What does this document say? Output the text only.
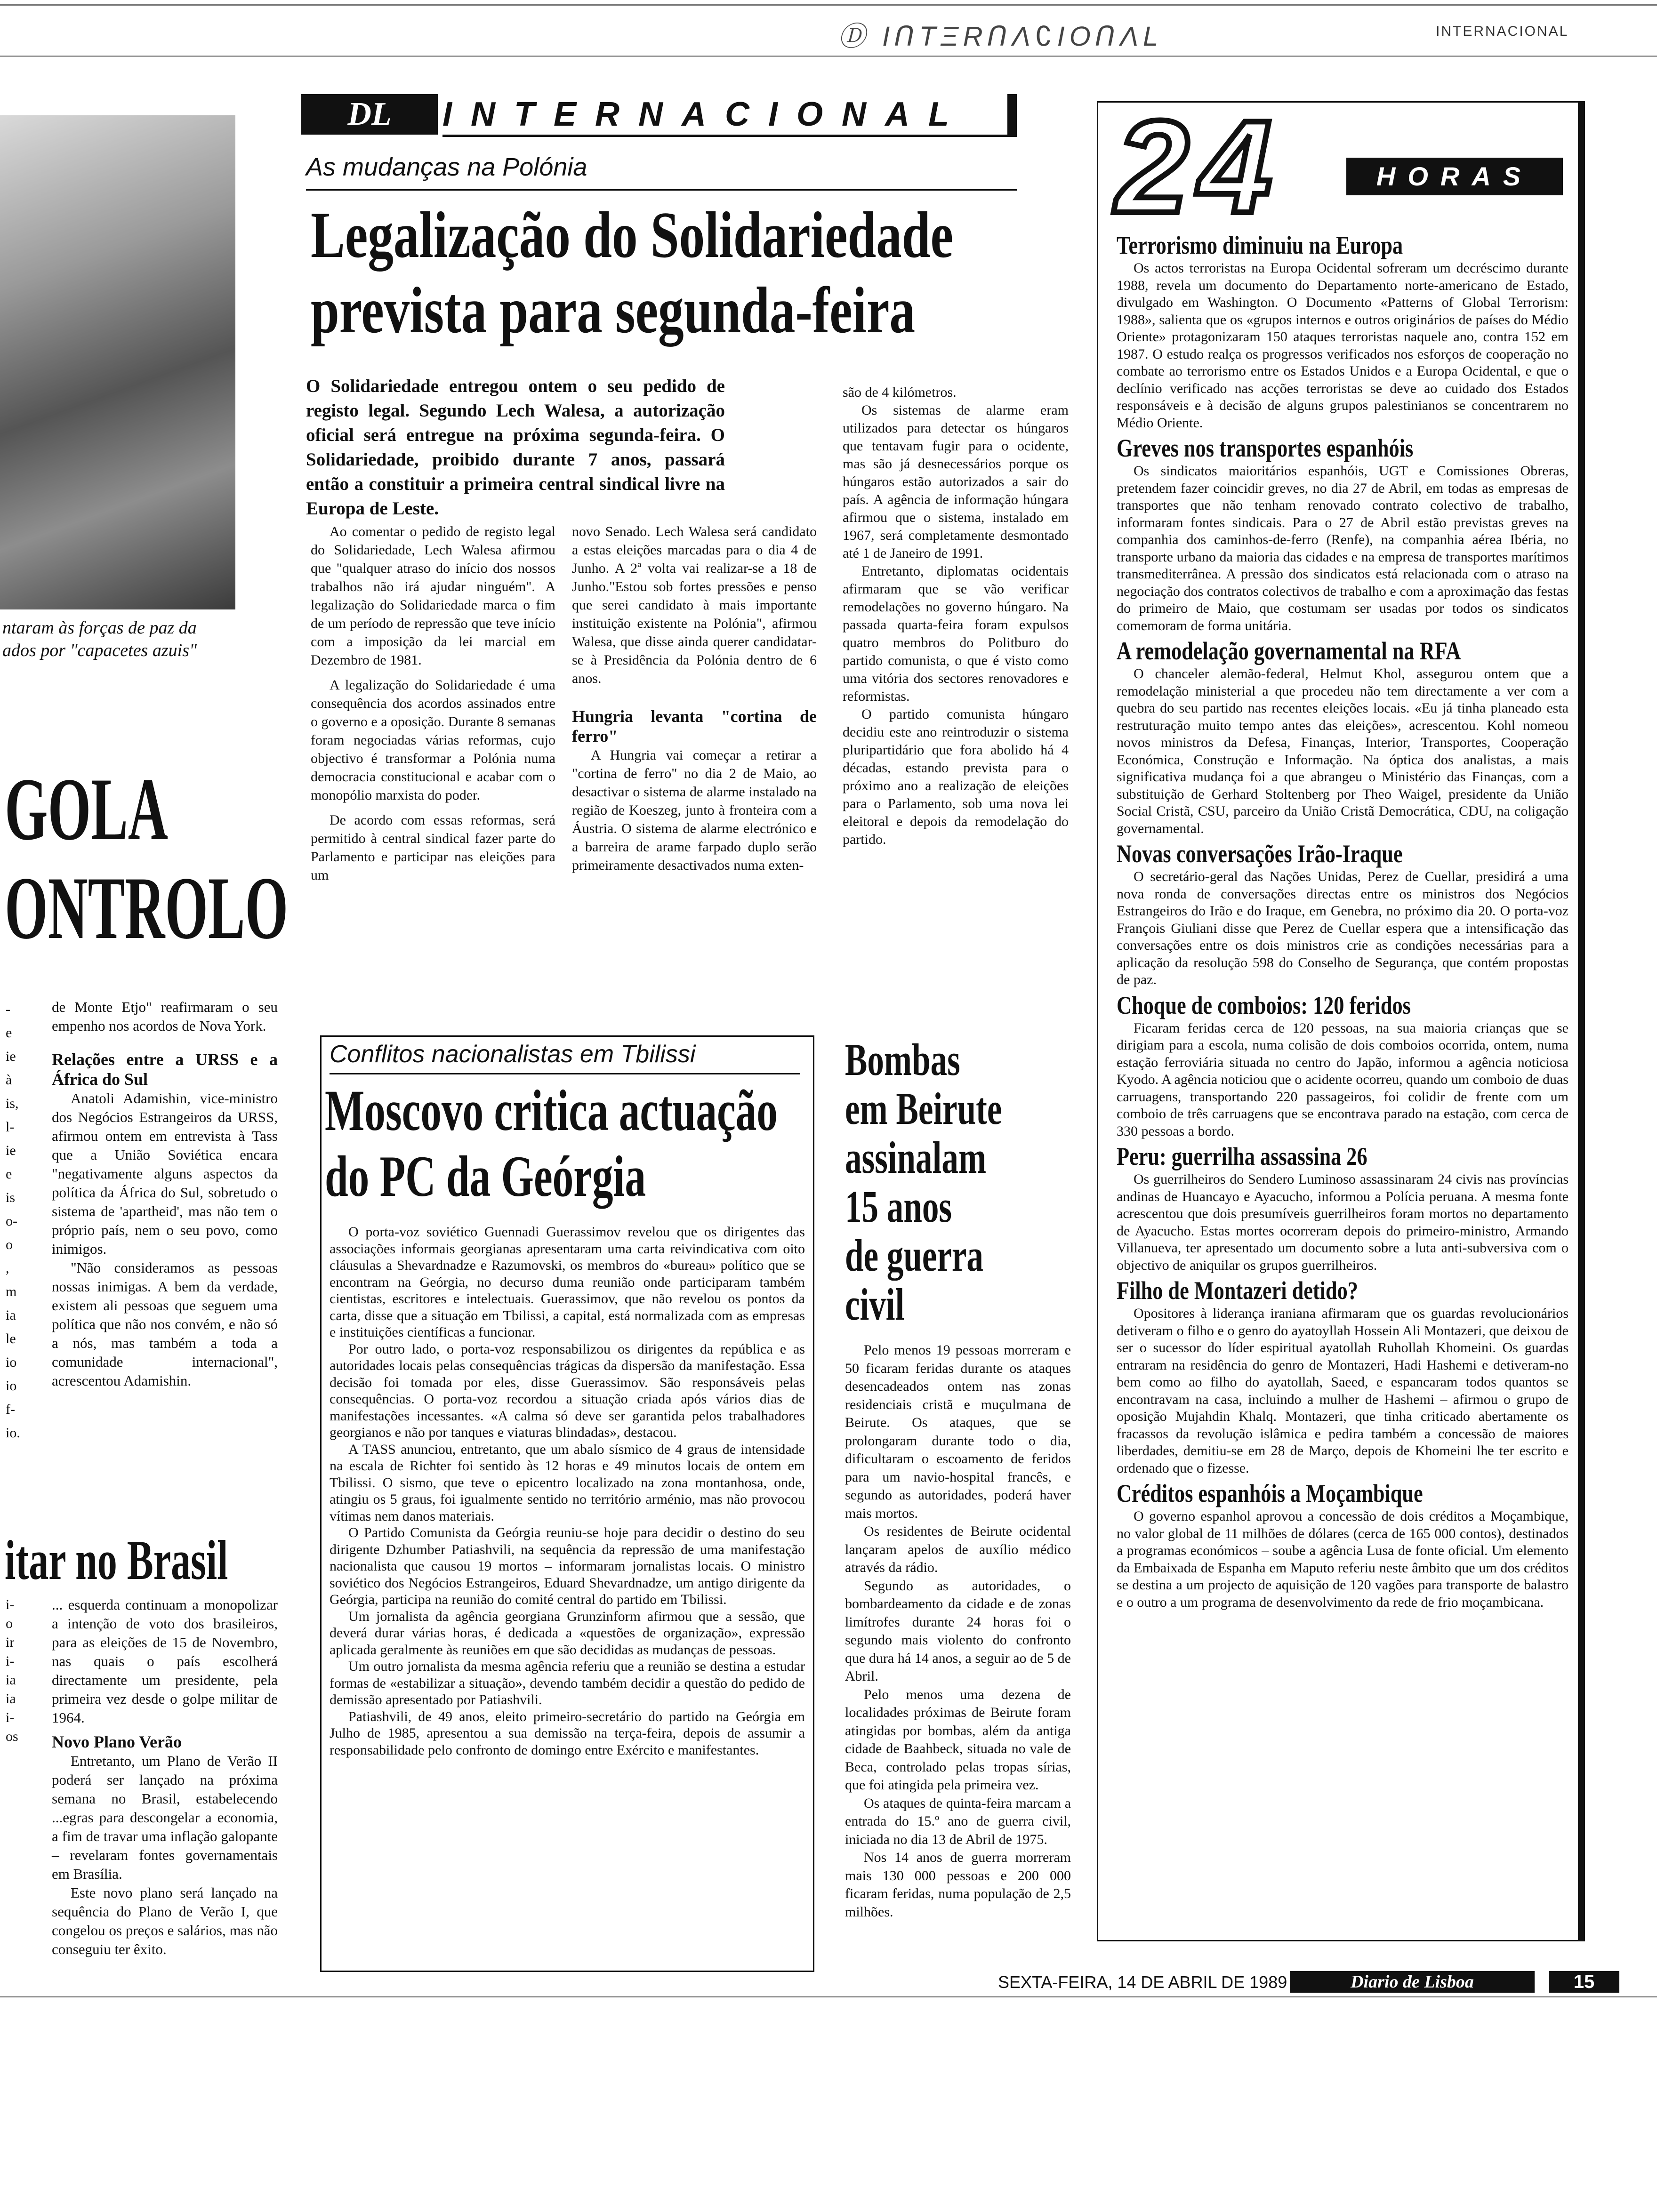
Ⓓ IᑎTΞRᑎΛ∁IOᑎΛL	INTERNACIONAL
ntaram às forças de paz da
ados por "capacetes azuis"
GOLA
ONTROLO
-
e
ie
à
is,
l-
ie
e
is
o-
o
,
m
ia
le
io
io
f-
io.

de Monte Etjo" reafirmaram o seu empenho nos acordos de Nova York.

Relações entre a URSS e a África do Sul

Anatoli Adamishin, vice-ministro dos Negócios Estrangeiros da URSS, afirmou ontem em entrevista à Tass que a União Soviética encara "negativamente alguns aspectos da política da África do Sul, sobretudo o sistema de 'apartheid', mas não tem o próprio país, nem o seu povo, como inimigos.

"Não consideramos as pessoas nossas inimigas. A bem da verdade, existem ali pessoas que seguem uma política que não nos convém, e não só a nós, mas também a toda a comunidade internacional", acrescentou Adamishin.

itar no Brasil
i-
o
ir
i-
ia
ia
i-
os

... esquerda continuam a monopolizar a intenção de voto dos brasileiros, para as eleições de 15 de Novembro, nas quais o país escolherá directamente um presidente, pela primeira vez desde o golpe militar de 1964.

Novo Plano Verão

Entretanto, um Plano de Verão II poderá ser lançado na próxima semana no Brasil, estabelecendo ...egras para descongelar a economia, a fim de travar uma inflação galopante – revelaram fontes governamentais em Brasília.

Este novo plano será lançado na sequência do Plano de Verão I, que congelou os preços e salários, mas não conseguiu ter êxito.

DL	INTERNACIONAL
As mudanças na Polónia
Legalização do Solidariedade
prevista para segunda-feira
O Solidariedade entregou ontem o seu pedido de registo legal. Segundo Lech Walesa, a autorização oficial será entregue na próxima segunda-feira. O Solidariedade, proibido durante 7 anos, passará então a constituir a primeira central sindical livre na Europa de Leste.

Ao comentar o pedido de registo legal do Solidariedade, Lech Walesa afirmou que "qualquer atraso do início dos nossos trabalhos não irá ajudar ninguém". A legalização do Solidariedade marca o fim de um período de repressão que teve início com a imposição da lei marcial em Dezembro de 1981.

A legalização do Solidariedade é uma consequência dos acordos assinados entre o governo e a oposição. Durante 8 semanas foram negociadas várias reformas, cujo objectivo é transformar a Polónia numa democracia constitucional e acabar com o monopólio marxista do poder.

De acordo com essas reformas, será permitido à central sindical fazer parte do Parlamento e participar nas eleições para um

novo Senado. Lech Walesa será candidato a estas eleições marcadas para o dia 4 de Junho. A 2ª volta vai realizar-se a 18 de Junho."Estou sob fortes pressões e penso que serei candidato à mais importante instituição existente na Polónia", afirmou Walesa, que disse ainda querer candidatar-se à Presidência da Polónia dentro de 6 anos.

Hungria levanta "cortina de ferro"

A Hungria vai começar a retirar a "cortina de ferro" no dia 2 de Maio, ao desactivar o sistema de alarme instalado na região de Koeszeg, junto à fronteira com a Áustria. O sistema de alarme electrónico e a barreira de arame farpado duplo serão primeiramente desactivados numa exten-

são de 4 kilómetros.

Os sistemas de alarme eram utilizados para detectar os húngaros que tentavam fugir para o ocidente, mas são já desnecessários porque os húngaros estão autorizados a sair do país. A agência de informação húngara afirmou que o sistema, instalado em 1967, será completamente desmontado até 1 de Janeiro de 1991.

Entretanto, diplomatas ocidentais afirmaram que se vão verificar remodelações no governo húngaro. Na passada quarta-feira foram expulsos quatro membros do Politburo do partido comunista, o que é visto como uma vitória dos sectores renovadores e reformistas.

O partido comunista húngaro decidiu este ano reintroduzir o sistema pluripartidário que fora abolido há 4 décadas, estando prevista para o próximo ano a realização de eleições para o Parlamento, sob uma nova lei eleitoral e depois da remodelação do partido.

Conflitos nacionalistas em Tbilissi
Moscovo critica actuação
do PC da Geórgia

O porta-voz soviético Guennadi Guerassimov revelou que os dirigentes das associações informais georgianas apresentaram uma carta reivindicativa com oito cláusulas a Shevardnadze e Razumovski, os membros do «bureau» político que se encontram na Geórgia, no decurso duma reunião onde participaram também cientistas, escritores e intelectuais. Guerassimov, que não revelou os pontos da carta, disse que a situação em Tbilissi, a capital, está normalizada com as empresas e instituições científicas a funcionar.

Por outro lado, o porta-voz responsabilizou os dirigentes da república e as autoridades locais pelas consequências trágicas da dispersão da manifestação. Essa decisão foi tomada por eles, disse Guerassimov. São responsáveis pelas consequências. O porta-voz recordou a situação criada após vários dias de manifestações incessantes. «A calma só deve ser garantida pelos trabalhadores georgianos e não por tanques e viaturas blindadas», destacou.

A TASS anunciou, entretanto, que um abalo sísmico de 4 graus de intensidade na escala de Richter foi sentido às 12 horas e 49 minutos locais de ontem em Tbilissi. O sismo, que teve o epicentro localizado na zona montanhosa, onde, atingiu os 5 graus, foi igualmente sentido no território arménio, mas não provocou vítimas nem danos materiais.

O Partido Comunista da Geórgia reuniu-se hoje para decidir o destino do seu dirigente Dzhumber Patiashvili, na sequência da repressão de uma manifestação nacionalista que causou 19 mortos – informaram jornalistas locais. O ministro soviético dos Negócios Estrangeiros, Eduard Shevardnadze, um antigo dirigente da Geórgia, participa na reunião do comité central do partido em Tbilissi.

Um jornalista da agência georgiana Grunzinform afirmou que a sessão, que deverá durar várias horas, é dedicada a «questões de organização», expressão aplicada geralmente às reuniões em que são decididas as mudanças de pessoas.

Um outro jornalista da mesma agência referiu que a reunião se destina a estudar formas de «estabilizar a situação», devendo também decidir a questão do pedido de demissão apresentado por Patiashvili.

Patiashvili, de 49 anos, eleito primeiro-secretário do partido na Geórgia em Julho de 1985, apresentou a sua demissão na terça-feira, depois de assumir a responsabilidade pelo confronto de domingo entre Exército e manifestantes.

Bombas
em Beirute
assinalam
15 anos
de guerra
civil

Pelo menos 19 pessoas morreram e 50 ficaram feridas durante os ataques desencadeados ontem nas zonas residenciais cristã e muçulmana de Beirute. Os ataques, que se prolongaram durante todo o dia, dificultaram o escoamento de feridos para um navio-hospital francês, e segundo as autoridades, poderá haver mais mortos.

Os residentes de Beirute ocidental lançaram apelos de auxílio médico através da rádio.

Segundo as autoridades, o bombardeamento da cidade e de zonas limítrofes durante 24 horas foi o segundo mais violento do confronto que dura há 14 anos, a seguir ao de 5 de Abril.

Pelo menos uma dezena de localidades próximas de Beirute foram atingidas por bombas, além da antiga cidade de Baahbeck, situada no vale de Beca, controlado pelas tropas sírias, que foi atingida pela primeira vez.

Os ataques de quinta-feira marcam a entrada do 15.º ano de guerra civil, iniciada no dia 13 de Abril de 1975.

Nos 14 anos de guerra morreram mais 130 000 pessoas e 200 000 ficaram feridas, numa população de 2,5 milhões.

24	HORAS
Terrorismo diminuiu na Europa

Os actos terroristas na Europa Ocidental sofreram um decréscimo durante 1988, revela um documento do Departamento norte-americano de Estado, divulgado em Washington. O Documento «Patterns of Global Terrorism: 1988», salienta que os «grupos internos e outros originários de países do Médio Oriente» protagonizaram 150 ataques terroristas naquele ano, contra 152 em 1987. O estudo realça os progressos verificados nos esforços de cooperação no combate ao terrorismo entre os Estados Unidos e a Europa Ocidental, e que o declínio verificado nas acções terroristas se deve ao cuidado dos Estados responsáveis e à decisão de alguns grupos palestinianos se concentrarem no Médio Oriente.

Greves nos transportes espanhóis

Os sindicatos maioritários espanhóis, UGT e Comissiones Obreras, pretendem fazer coincidir greves, no dia 27 de Abril, em todas as empresas de transportes que não tenham renovado contrato colectivo de trabalho, informaram fontes sindicais. Para o 27 de Abril estão previstas greves na companhia dos caminhos-de-ferro (Renfe), na companhia aérea Ibéria, no transporte urbano da maioria das cidades e na empresa de transportes marítimos transmediterrânea. A pressão dos sindicatos está relacionada com o atraso na negociação dos contratos colectivos de trabalho e com a aproximação das festas do primeiro de Maio, que costumam ser usadas por todos os sindicatos comemoram de forma unitária.

A remodelação governamental na RFA

O chanceler alemão-federal, Helmut Khol, assegurou ontem que a remodelação ministerial a que procedeu não tem directamente a ver com a quebra do seu partido nas recentes eleições locais. «Eu já tinha planeado esta restruturação muito tempo antes das eleições», acrescentou. Kohl nomeou novos ministros da Defesa, Finanças, Interior, Transportes, Cooperação Económica, Construção e Informação. Na óptica dos analistas, a mais significativa mudança foi a que abrangeu o Ministério das Finanças, com a substituição de Gerhard Stoltenberg por Theo Waigel, presidente da União Social Cristã, CSU, parceiro da União Cristã Democrática, CDU, na coligação governamental.

Novas conversações Irão-Iraque

O secretário-geral das Nações Unidas, Perez de Cuellar, presidirá a uma nova ronda de conversações directas entre os ministros dos Negócios Estrangeiros do Irão e do Iraque, em Genebra, no próximo dia 20. O porta-voz François Giuliani disse que Perez de Cuellar espera que a intensificação das conversações entre os dois ministros crie as condições necessárias para a aplicação da resolução 598 do Conselho de Segurança, que contém propostas de paz.

Choque de comboios: 120 feridos

Ficaram feridas cerca de 120 pessoas, na sua maioria crianças que se dirigiam para a escola, numa colisão de dois comboios ocorrida, ontem, numa estação ferroviária situada no centro do Japão, informou a agência noticiosa Kyodo. A agência noticiou que o acidente ocorreu, quando um comboio de duas carruagens, transportando 220 passageiros, foi colidir de frente com um comboio de três carruagens que se encontrava parado na estação, com cerca de 330 pessoas a bordo.

Peru: guerrilha assassina 26

Os guerrilheiros do Sendero Luminoso assassinaram 24 civis nas províncias andinas de Huancayo e Ayacucho, informou a Polícia peruana. A mesma fonte acrescentou que dois presumíveis guerrilheiros foram mortos no departamento de Ayacucho. Estas mortes ocorreram depois do primeiro-ministro, Armando Villanueva, ter apresentado um documento sobre a luta anti-subversiva com o objectivo de aniquilar os grupos guerrilheiros.

Filho de Montazeri detido?

Opositores à liderança iraniana afirmaram que os guardas revolucionários detiveram o filho e o genro do ayatoyllah Hossein Ali Montazeri, que deixou de ser o sucessor do líder espiritual ayatollah Ruhollah Khomeini. Os guardas entraram na residência do genro de Montazeri, Hadi Hashemi e detiveram-no bem como ao filho do ayatollah, Saeed, e espancaram todos quantos se encontravam na casa, incluindo a mulher de Hashemi – afirmou o grupo de oposição Mujahdin Khalq. Montazeri, que tinha criticado abertamente os fracassos da revolução islâmica e pedira também a concessão de maiores liberdades, demitiu-se em 28 de Março, depois de Khomeini lhe ter escrito e ordenado que o fizesse.

Créditos espanhóis a Moçambique

O governo espanhol aprovou a concessão de dois créditos a Moçambique, no valor global de 11 milhões de dólares (cerca de 165 000 contos), destinados a programas económicos – soube a agência Lusa de fonte oficial. Um elemento da Embaixada de Espanha em Maputo referiu neste âmbito que um dos créditos se destina a um projecto de aquisição de 120 vagões para transporte de balastro e o outro a um programa de desenvolvimento da rede de frio moçambicana.

SEXTA-FEIRA, 14 DE ABRIL DE 1989	Diario de Lisboa	15
